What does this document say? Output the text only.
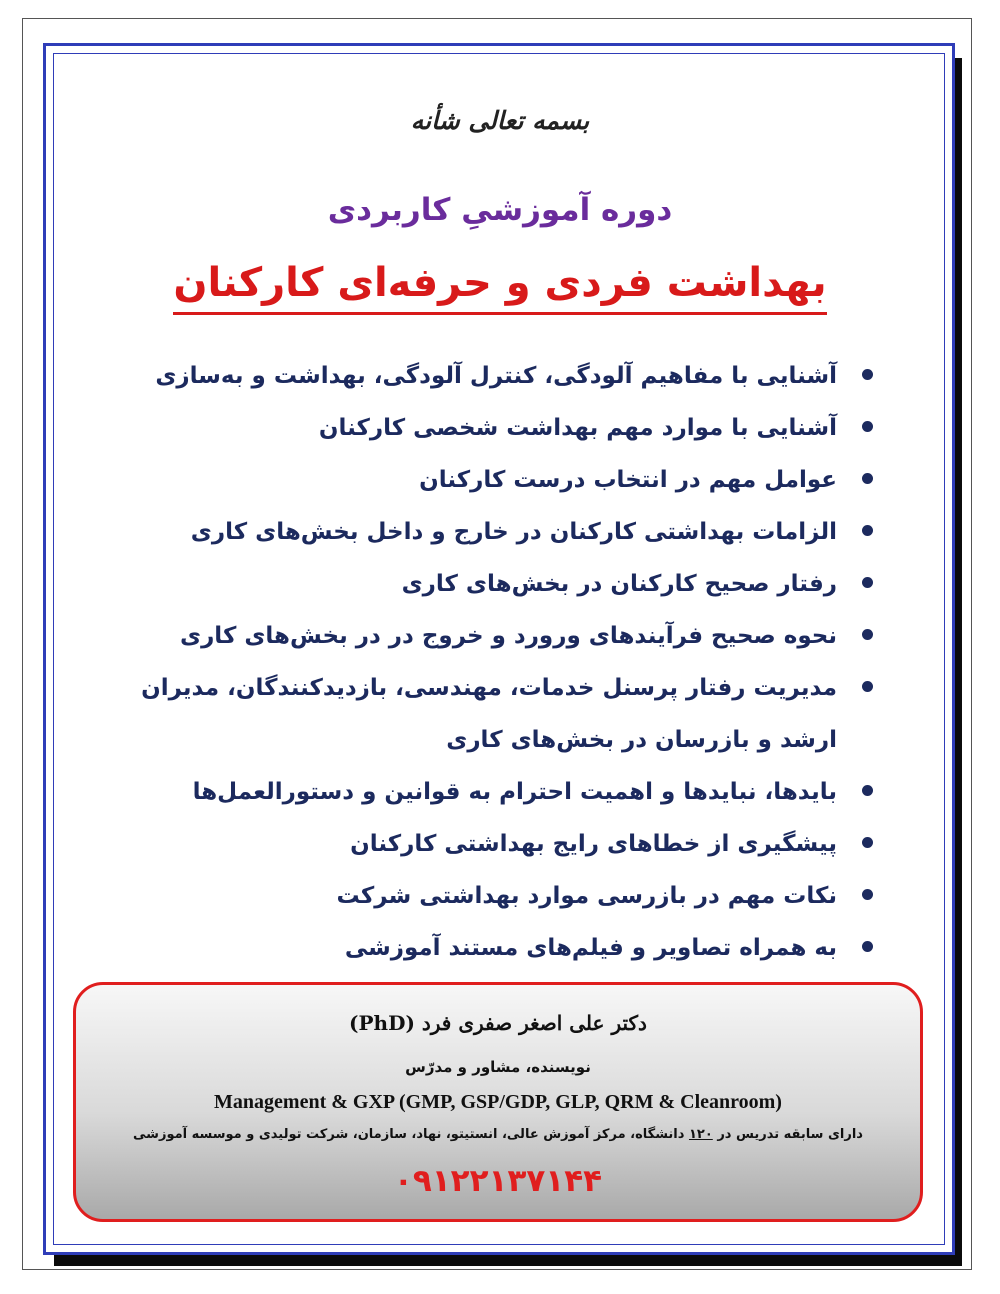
بسمه تعالی شأنه
دوره آموزشیِ کاربردی
بهداشت فردی و حرفه‌ای کارکنان
آشنایی با مفاهیم آلودگی، کنترل آلودگی، بهداشت و به‌سازی
آشنایی با موارد مهم بهداشت شخصی کارکنان
عوامل مهم در انتخاب درست کارکنان
الزامات بهداشتی کارکنان در خارج و داخل بخش‌های کاری
رفتار صحیح کارکنان در بخش‌های کاری
نحوه صحیح فرآیندهای ورورد و خروج در در بخش‌های کاری
مدیریت رفتار پرسنل خدمات، مهندسی، بازدیدکنندگان، مدیران ارشد و بازرسان در بخش‌های کاری
بایدها، نبایدها و اهمیت احترام به قوانین و دستورالعمل‌ها
پیشگیری از خطاهای رایج بهداشتی کارکنان
نکات مهم در بازرسی موارد بهداشتی شرکت
به همراه تصاویر و فیلم‌های مستند آموزشی
دکتر علی اصغر صفری فرد (PhD)
نویسنده، مشاور و مدرّس
Management & GXP (GMP, GSP/GDP, GLP, QRM & Cleanroom)
دارای سابقه تدریس در ۱۲۰ دانشگاه، مرکز آموزش عالی، انستیتو، نهاد، سازمان، شرکت تولیدی و موسسه آموزشی
۰۹۱۲۲۱۳۷۱۴۴
